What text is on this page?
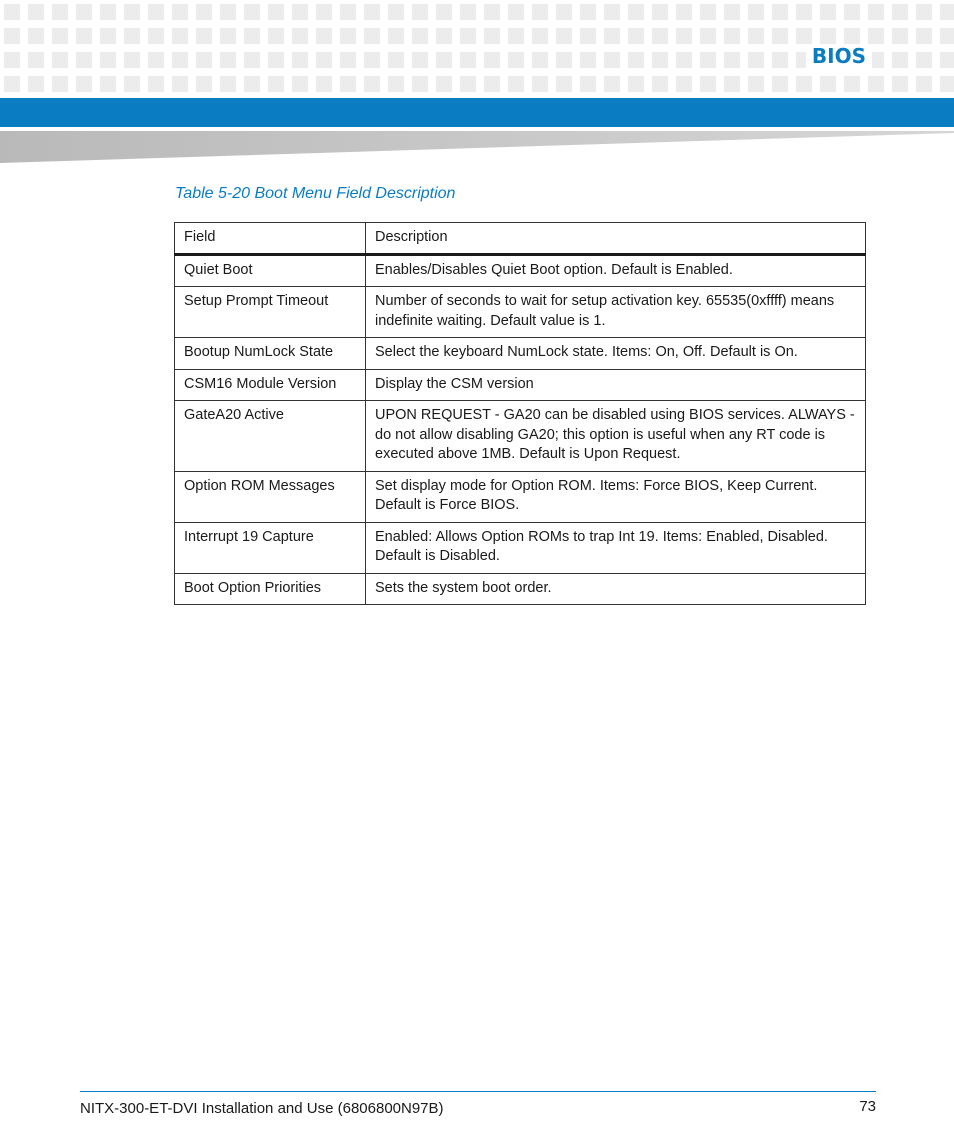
BIOS
Table 5-20 Boot Menu Field Description
Field	Description
Quiet Boot	Enables/Disables Quiet Boot option. Default is Enabled.
Setup Prompt Timeout	Number of seconds to wait for setup activation key. 65535(0xffff) means indefinite waiting. Default value is 1.
Bootup NumLock State	Select the keyboard NumLock state. Items: On, Off. Default is On.
CSM16 Module Version	Display the CSM version
GateA20 Active	UPON REQUEST - GA20 can be disabled using BIOS services. ALWAYS - do not allow disabling GA20; this option is useful when any RT code is executed above 1MB. Default is Upon Request.
Option ROM Messages	Set display mode for Option ROM. Items: Force BIOS, Keep Current. Default is Force BIOS.
Interrupt 19 Capture	Enabled: Allows Option ROMs to trap Int 19. Items: Enabled, Disabled. Default is Disabled.
Boot Option Priorities	Sets the system boot order.
NITX-300-ET-DVI Installation and Use (6806800N97B)	73
